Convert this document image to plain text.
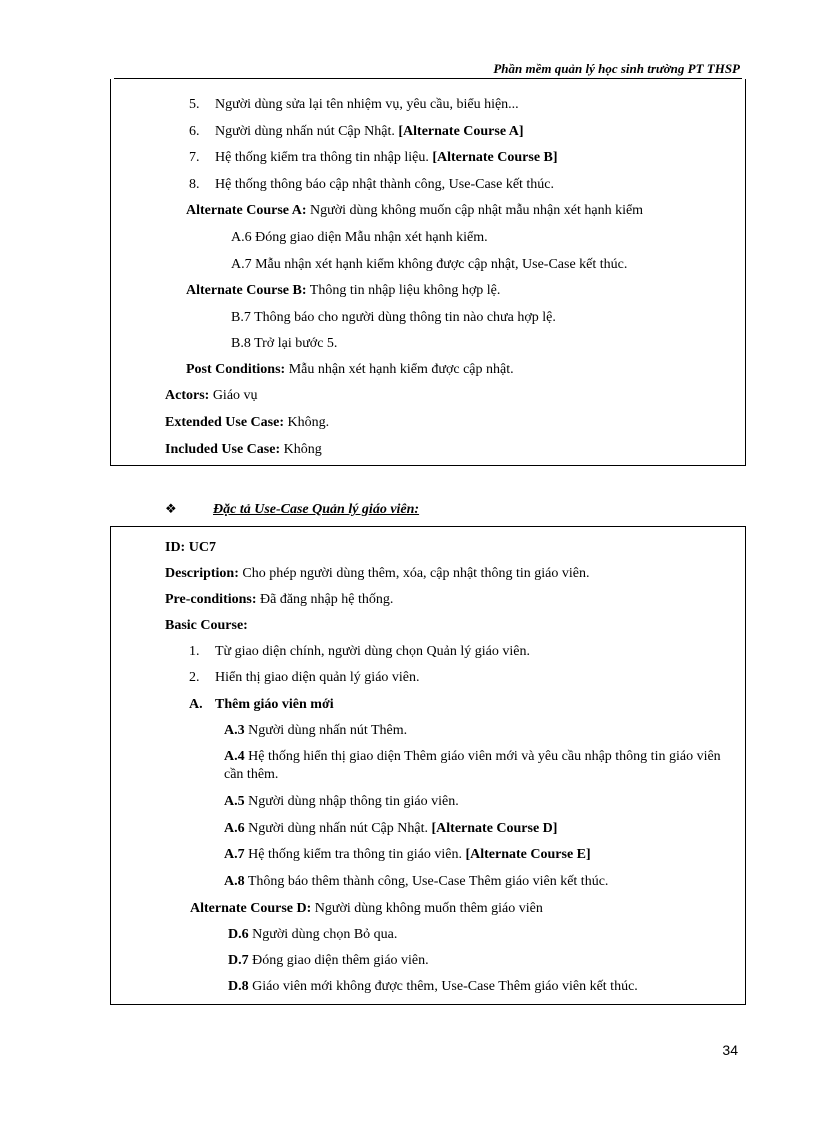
Phần mềm quản lý học sinh trường PT THSP
5. Người dùng sửa lại tên nhiệm vụ, yêu cầu, biểu hiện...
6. Người dùng nhấn nút Cập Nhật. [Alternate Course A]
7. Hệ thống kiểm tra thông tin nhập liệu. [Alternate Course B]
8. Hệ thống thông báo cập nhật thành công, Use-Case kết thúc.
Alternate Course A: Người dùng không muốn cập nhật mẫu nhận xét hạnh kiểm
A.6 Đóng giao diện Mẫu nhận xét hạnh kiểm.
A.7 Mẫu nhận xét hạnh kiểm không được cập nhật, Use-Case kết thúc.
Alternate Course B: Thông tin nhập liệu không hợp lệ.
B.7 Thông báo cho người dùng thông tin nào chưa hợp lệ.
B.8 Trở lại bước 5.
Post Conditions: Mẫu nhận xét hạnh kiểm được cập nhật.
Actors: Giáo vụ
Extended Use Case: Không.
Included Use Case: Không
❖	Đặc tả Use-Case Quản lý giáo viên:
ID: UC7
Description: Cho phép người dùng thêm, xóa, cập nhật thông tin giáo viên.
Pre-conditions: Đã đăng nhập hệ thống.
Basic Course:
1. Từ giao diện chính, người dùng chọn Quản lý giáo viên.
2. Hiển thị giao diện quản lý giáo viên.
A. Thêm giáo viên mới
A.3 Người dùng nhấn nút Thêm.
A.4 Hệ thống hiển thị giao diện Thêm giáo viên mới và yêu cầu nhập thông tin giáo viên cần thêm.
A.5 Người dùng nhập thông tin giáo viên.
A.6 Người dùng nhấn nút Cập Nhật. [Alternate Course D]
A.7 Hệ thống kiểm tra thông tin giáo viên. [Alternate Course E]
A.8 Thông báo thêm thành công, Use-Case Thêm giáo viên kết thúc.
Alternate Course D: Người dùng không muốn thêm giáo viên
D.6 Người dùng chọn Bỏ qua.
D.7 Đóng giao diện thêm giáo viên.
D.8 Giáo viên mới không được thêm, Use-Case Thêm giáo viên kết thúc.
34
